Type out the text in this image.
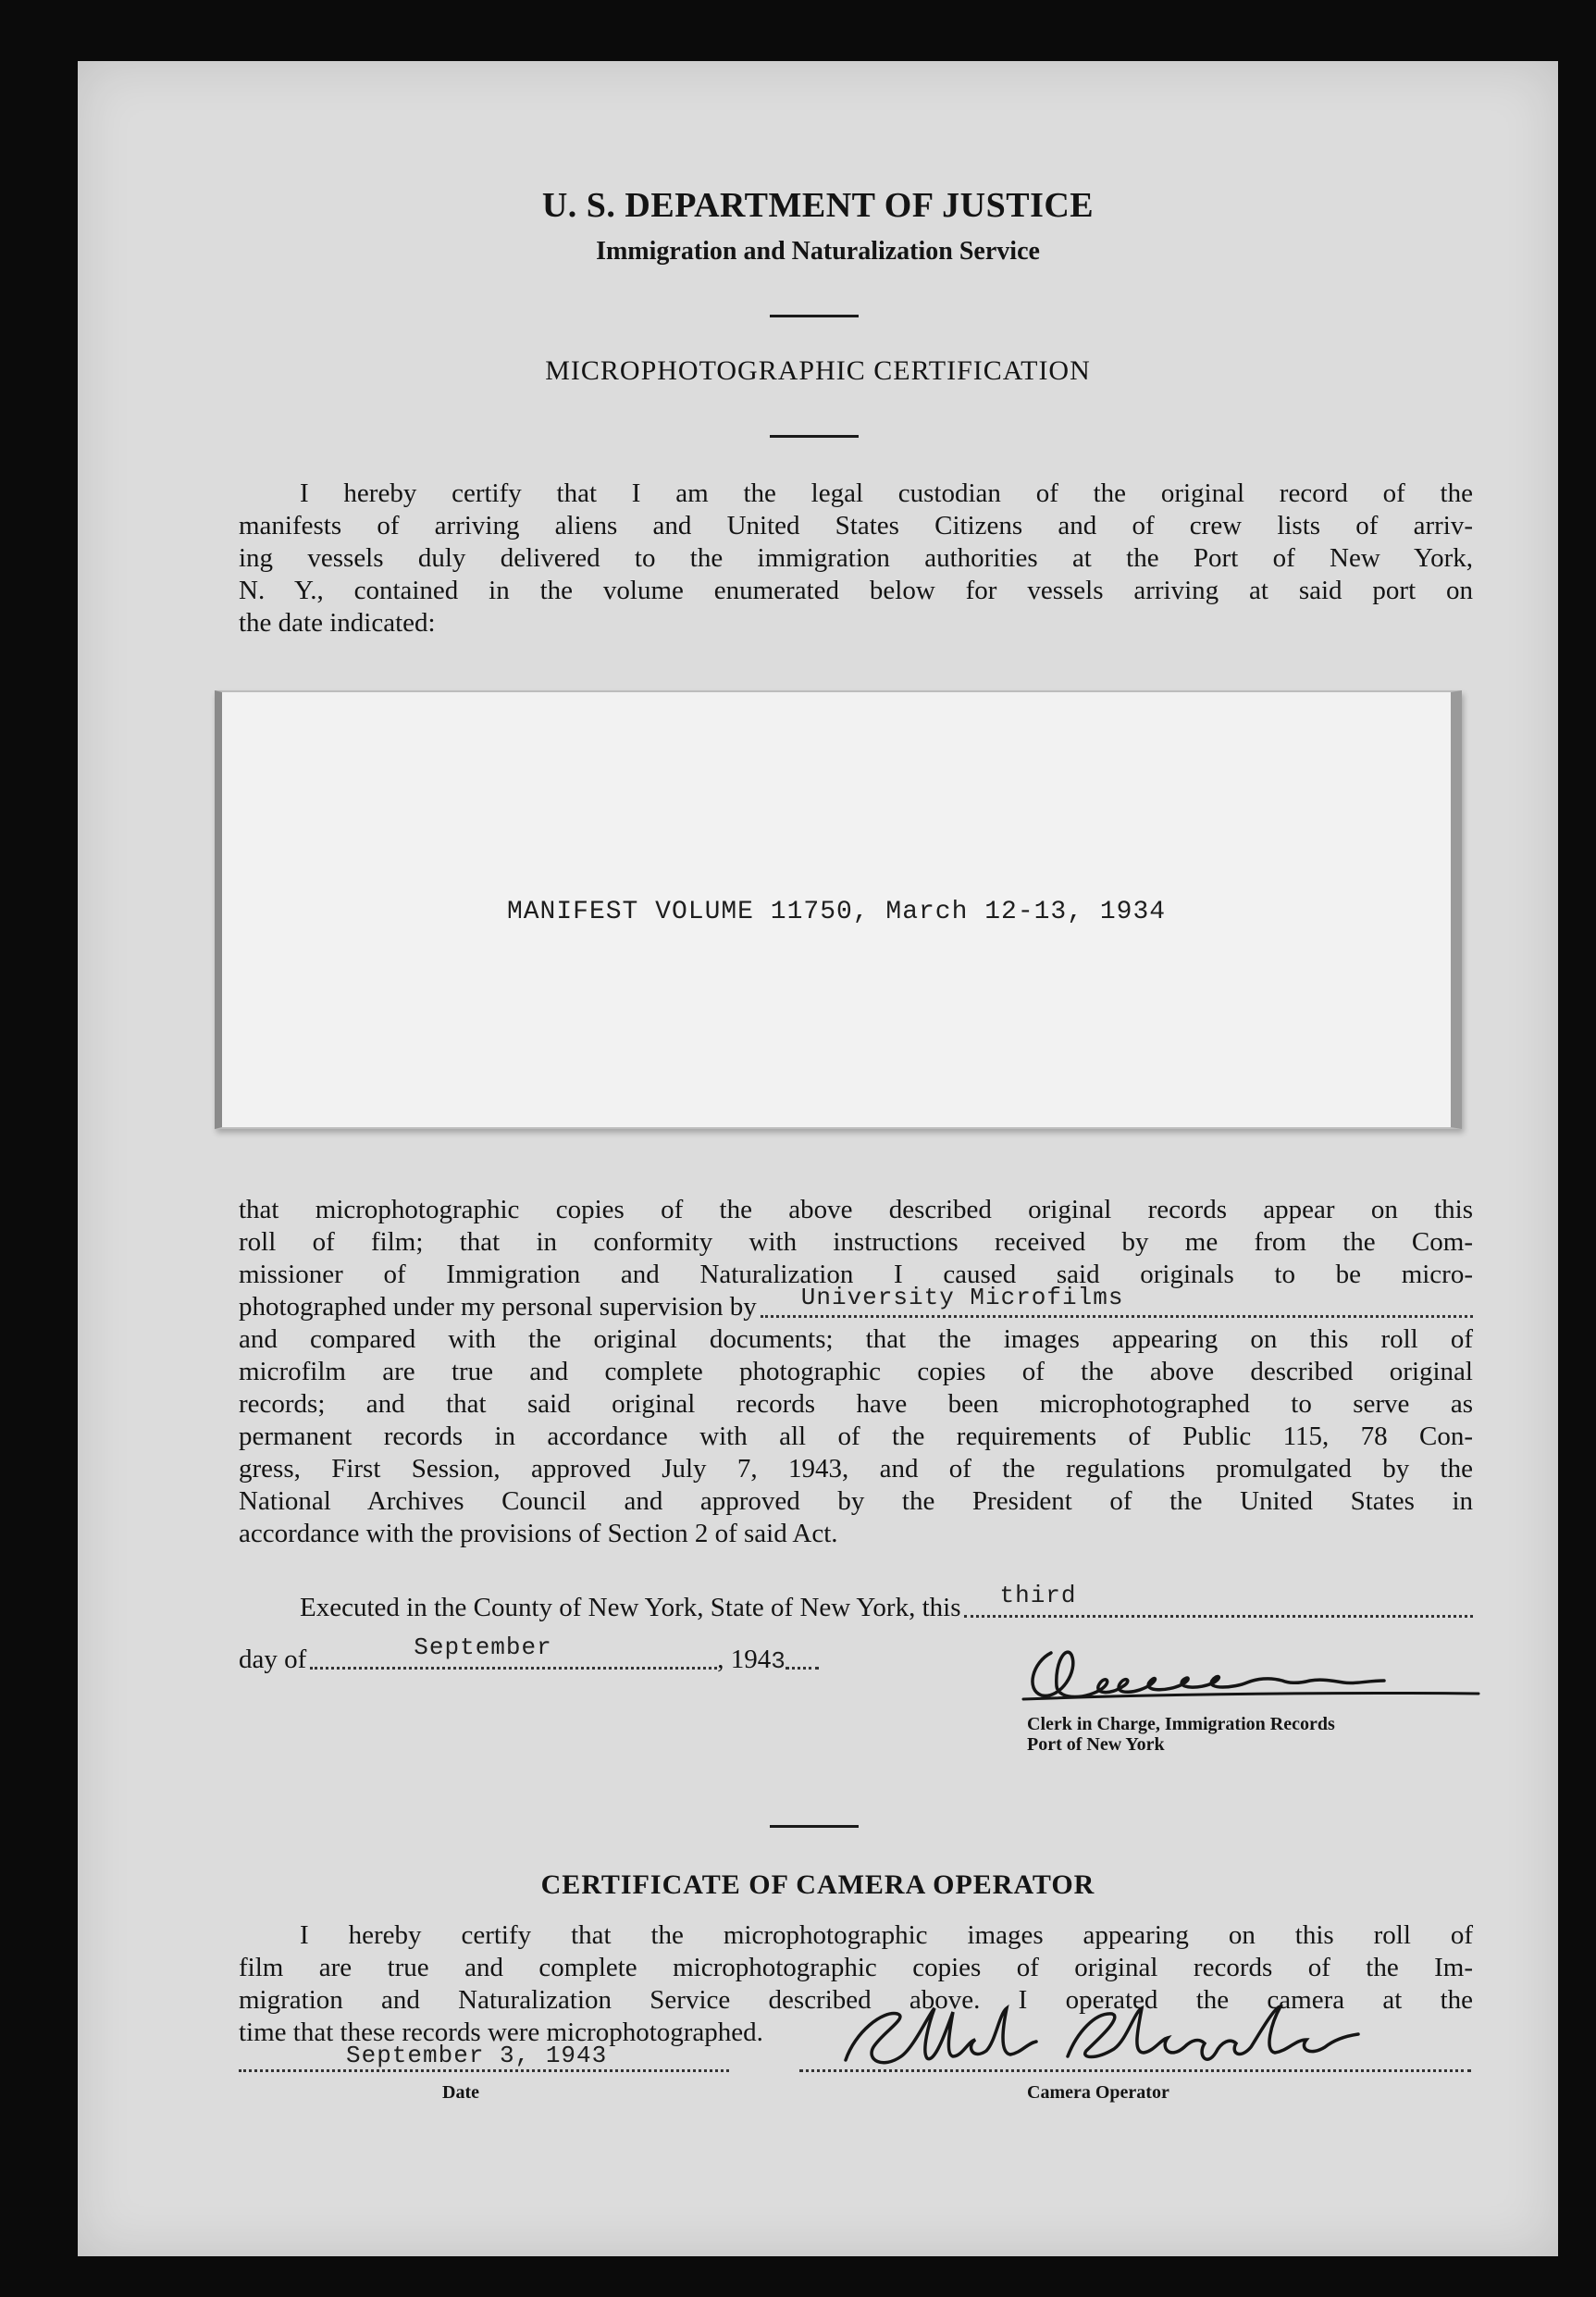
U. S. DEPARTMENT OF JUSTICE
Immigration and Naturalization Service
MICROPHOTOGRAPHIC CERTIFICATION
I hereby certify that I am the legal custodian of the original record of the
manifests of arriving aliens and United States Citizens and of crew lists of arriv-
ing vessels duly delivered to the immigration authorities at the Port of New York,
N. Y., contained in the volume enumerated below for vessels arriving at said port on
the date indicated:
MANIFEST VOLUME 11750, March 12-13, 1934
that microphotographic copies of the above described original records appear on this
roll of film; that in conformity with instructions received by me from the Com-
missioner of Immigration and Naturalization I caused said originals to be micro-
photographed under my personal supervision by University Microfilms
and compared with the original documents; that the images appearing on this roll of
microfilm are true and complete photographic copies of the above described original
records; and that said original records have been microphotographed to serve as
permanent records in accordance with all of the requirements of Public 115, 78 Con-
gress, First Session, approved July 7, 1943, and of the regulations promulgated by the
National Archives Council and approved by the President of the United States in
accordance with the provisions of Section 2 of said Act.
Executed in the County of New York, State of New York, this third
day of	September	, 194 3
Clerk in Charge, Immigration Records
Port of New York
CERTIFICATE OF CAMERA OPERATOR
I hereby certify that the microphotographic images appearing on this roll of
film are true and complete microphotographic copies of original records of the Im-
migration and Naturalization Service described above. I operated the camera at the
time that these records were microphotographed.
September 3, 1943
Date	Camera Operator
